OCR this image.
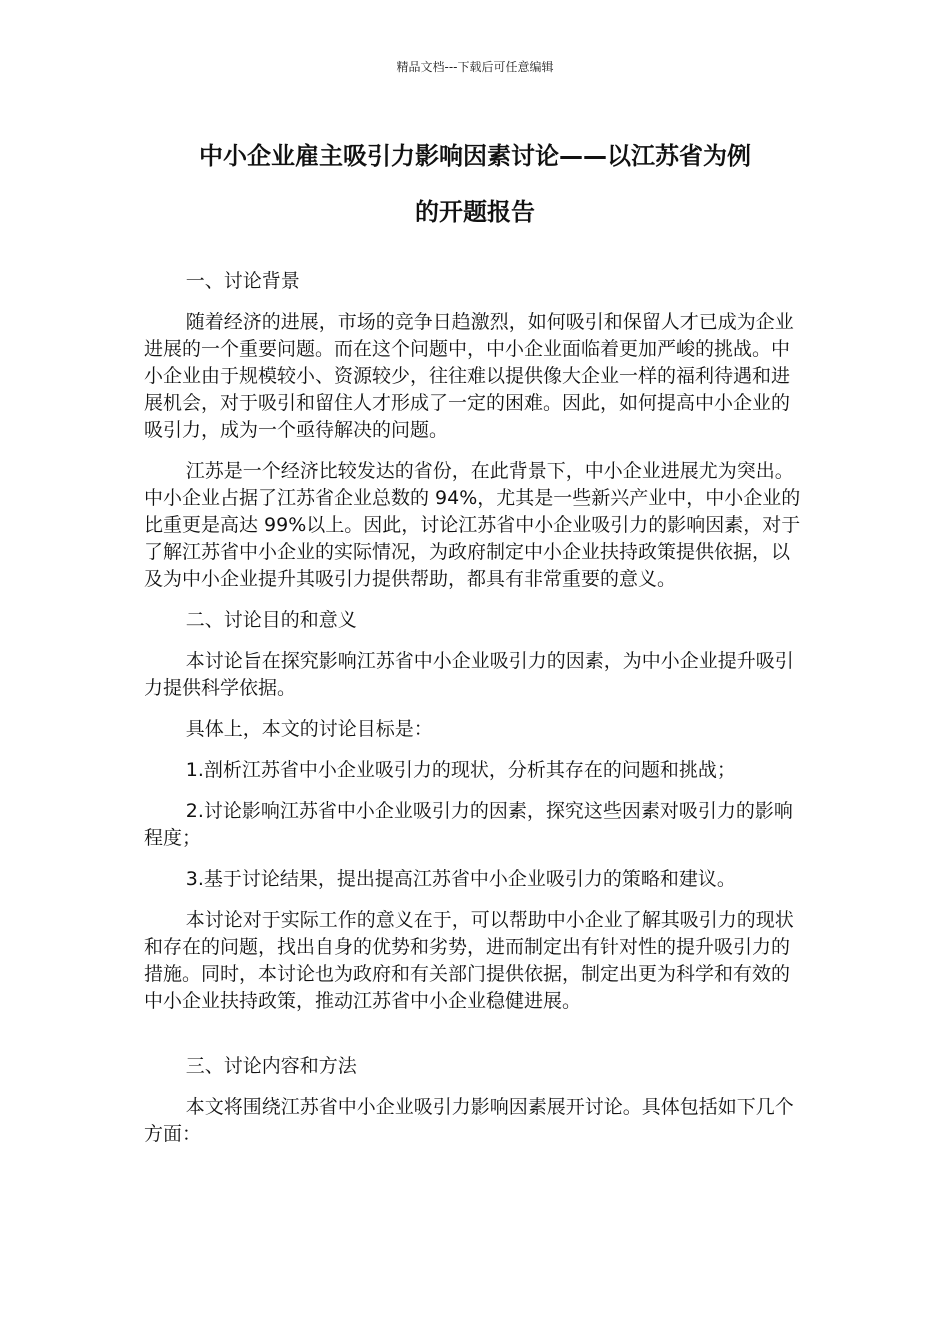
精品文档---下载后可任意编辑
中小企业雇主吸引力影响因素讨论——以江苏省为例
的开题报告

一、讨论背景

随着经济的进展，市场的竞争日趋激烈，如何吸引和保留人才已成为企业进展的一个重要问题。而在这个问题中，中小企业面临着更加严峻的挑战。中小企业由于规模较小、资源较少，往往难以提供像大企业一样的福利待遇和进展机会，对于吸引和留住人才形成了一定的困难。因此，如何提高中小企业的吸引力，成为一个亟待解决的问题。

江苏是一个经济比较发达的省份，在此背景下，中小企业进展尤为突出。中小企业占据了江苏省企业总数的 94%，尤其是一些新兴产业中，中小企业的比重更是高达 99%以上。因此，讨论江苏省中小企业吸引力的影响因素，对于了解江苏省中小企业的实际情况，为政府制定中小企业扶持政策提供依据，以及为中小企业提升其吸引力提供帮助，都具有非常重要的意义。

二、讨论目的和意义

本讨论旨在探究影响江苏省中小企业吸引力的因素，为中小企业提升吸引力提供科学依据。

具体上，本文的讨论目标是：

1.剖析江苏省中小企业吸引力的现状，分析其存在的问题和挑战；

2.讨论影响江苏省中小企业吸引力的因素，探究这些因素对吸引力的影响程度；

3.基于讨论结果，提出提高江苏省中小企业吸引力的策略和建议。

本讨论对于实际工作的意义在于，可以帮助中小企业了解其吸引力的现状和存在的问题，找出自身的优势和劣势，进而制定出有针对性的提升吸引力的措施。同时，本讨论也为政府和有关部门提供依据，制定出更为科学和有效的中小企业扶持政策，推动江苏省中小企业稳健进展。

三、讨论内容和方法

本文将围绕江苏省中小企业吸引力影响因素展开讨论。具体包括如下几个方面：
